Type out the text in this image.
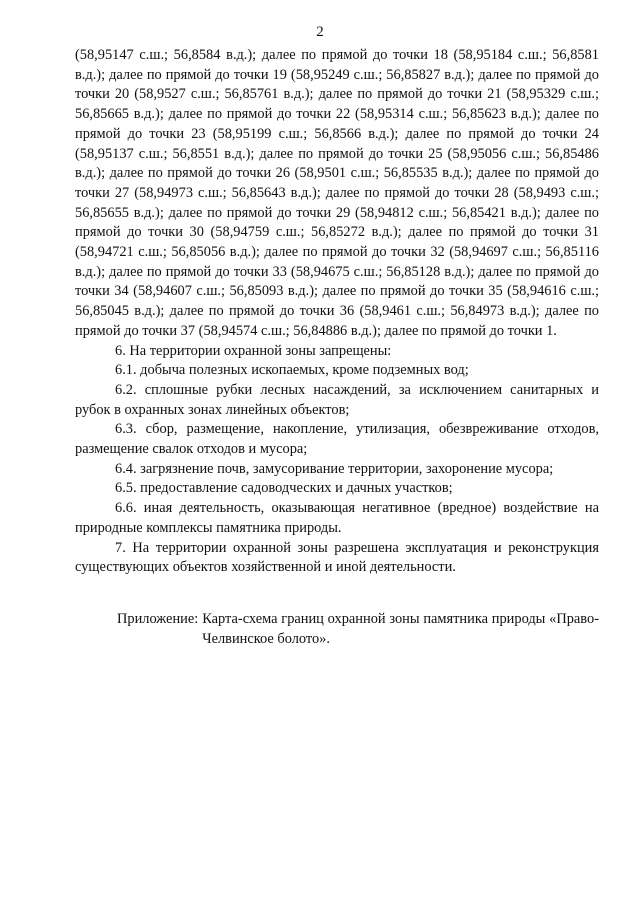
2

(58,95147 с.ш.; 56,8584 в.д.); далее по прямой до точки 18 (58,95184 с.ш.; 56,8581 в.д.); далее по прямой до точки 19 (58,95249 с.ш.; 56,85827 в.д.); далее по прямой до точки 20 (58,9527 с.ш.; 56,85761 в.д.); далее по прямой до точки 21 (58,95329 с.ш.; 56,85665 в.д.); далее по прямой до точки 22 (58,95314 с.ш.; 56,85623 в.д.); далее по прямой до точки 23 (58,95199 с.ш.; 56,8566 в.д.); далее по прямой до точки 24 (58,95137 с.ш.; 56,8551 в.д.); далее по прямой до точки 25 (58,95056 с.ш.; 56,85486 в.д.); далее по прямой до точки 26 (58,9501 с.ш.; 56,85535 в.д.); далее по прямой до точки 27 (58,94973 с.ш.; 56,85643 в.д.); далее по прямой до точки 28 (58,9493 с.ш.; 56,85655 в.д.); далее по прямой до точки 29 (58,94812 с.ш.; 56,85421 в.д.); далее по прямой до точки 30 (58,94759 с.ш.; 56,85272 в.д.); далее по прямой до точки 31 (58,94721 с.ш.; 56,85056 в.д.); далее по прямой до точки 32 (58,94697 с.ш.; 56,85116 в.д.); далее по прямой до точки 33 (58,94675 с.ш.; 56,85128 в.д.); далее по прямой до точки 34 (58,94607 с.ш.; 56,85093 в.д.); далее по прямой до точки 35 (58,94616 с.ш.; 56,85045 в.д.); далее по прямой до точки 36 (58,9461 с.ш.; 56,84973 в.д.); далее по прямой до точки 37 (58,94574 с.ш.; 56,84886 в.д.); далее по прямой до точки 1.

6. На территории охранной зоны запрещены:

6.1. добыча полезных ископаемых, кроме подземных вод;

6.2. сплошные рубки лесных насаждений, за исключением санитарных и рубок в охранных зонах линейных объектов;

6.3. сбор, размещение, накопление, утилизация, обезвреживание отходов, размещение свалок отходов и мусора;

6.4. загрязнение почв, замусоривание территории, захоронение мусора;

6.5. предоставление садоводческих и дачных участков;

6.6. иная деятельность, оказывающая негативное (вредное) воздействие на природные комплексы памятника природы.

7. На территории охранной зоны разрешена эксплуатация и реконструкция существующих объектов хозяйственной и иной деятельности.

Приложение: Карта-схема границ охранной зоны памятника природы «Право-Челвинское болото».
